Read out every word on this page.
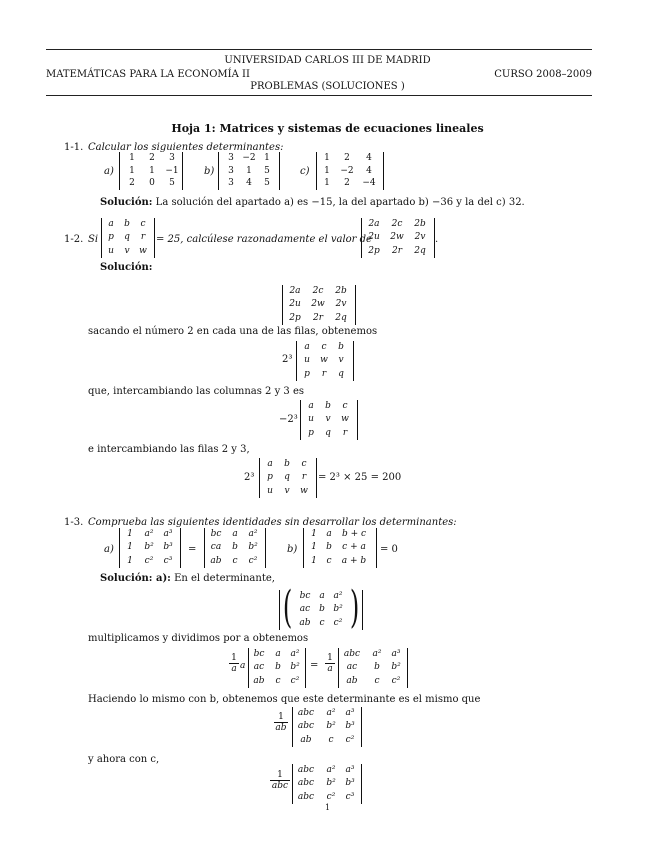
UNIVERSIDAD CARLOS III DE MADRID
MATEMÁTICAS PARA LA ECONOMÍA II	CURSO 2008–2009
PROBLEMAS (SOLUCIONES )
Hoja 1: Matrices y sistemas de ecuaciones lineales
1-1. Calcular los siguientes determinantes:
a)	b)	c)
1 2 3
1 1 −1
2 0 5
3 −2 1
3 1 5
3 4 5
1 2 4
1 −2 4
1 2 −4
Solución: La solución del apartado a) es −15, la del apartado b) −36 y la del c) 32.
1-2. Si
a b c
p q r
u v w
= 25, calcúlese razonadamente el valor de
2a 2c 2b
2u 2w 2v
2p 2r 2q
.
Solución:
2a 2c 2b
2u 2w 2v
2p 2r 2q
sacando el número 2 en cada una de las filas, obtenemos
2³
a c b
u w v
p r q
que, intercambiando las columnas 2 y 3 es
−2³
a b c
u v w
p q r
e intercambiando las filas 2 y 3,
2³
a b c
p q r
u v w
= 2³ × 25 = 200
1-3. Comprueba las siguientes identidades sin desarrollar los determinantes:
a)
1 a² a³
1 b² b³
1 c² c³
=
bc a a²
ca b b²
ab c c²
b)
1 a b + c
1 b c + a
1 c a + b
= 0
Solución: a): En el determinante,
( )
bc a a²
ac b b²
ab c c²
multiplicamos y dividimos por a obtenemos
$\frac{1}{a}$ a
bc a a²
ac b b²
ab c c²
= $\frac{1}{a}$ abc a² a³
ac b b²
ab c c²
Haciendo lo mismo con b, obtenemos que este determinante es el mismo que
$\frac{1}{ab}$ abc a² a³
abc b² b³
ab c c²
y ahora con c,
1
abc
abc a² a³
abc b² b³
abc c² c³
1
